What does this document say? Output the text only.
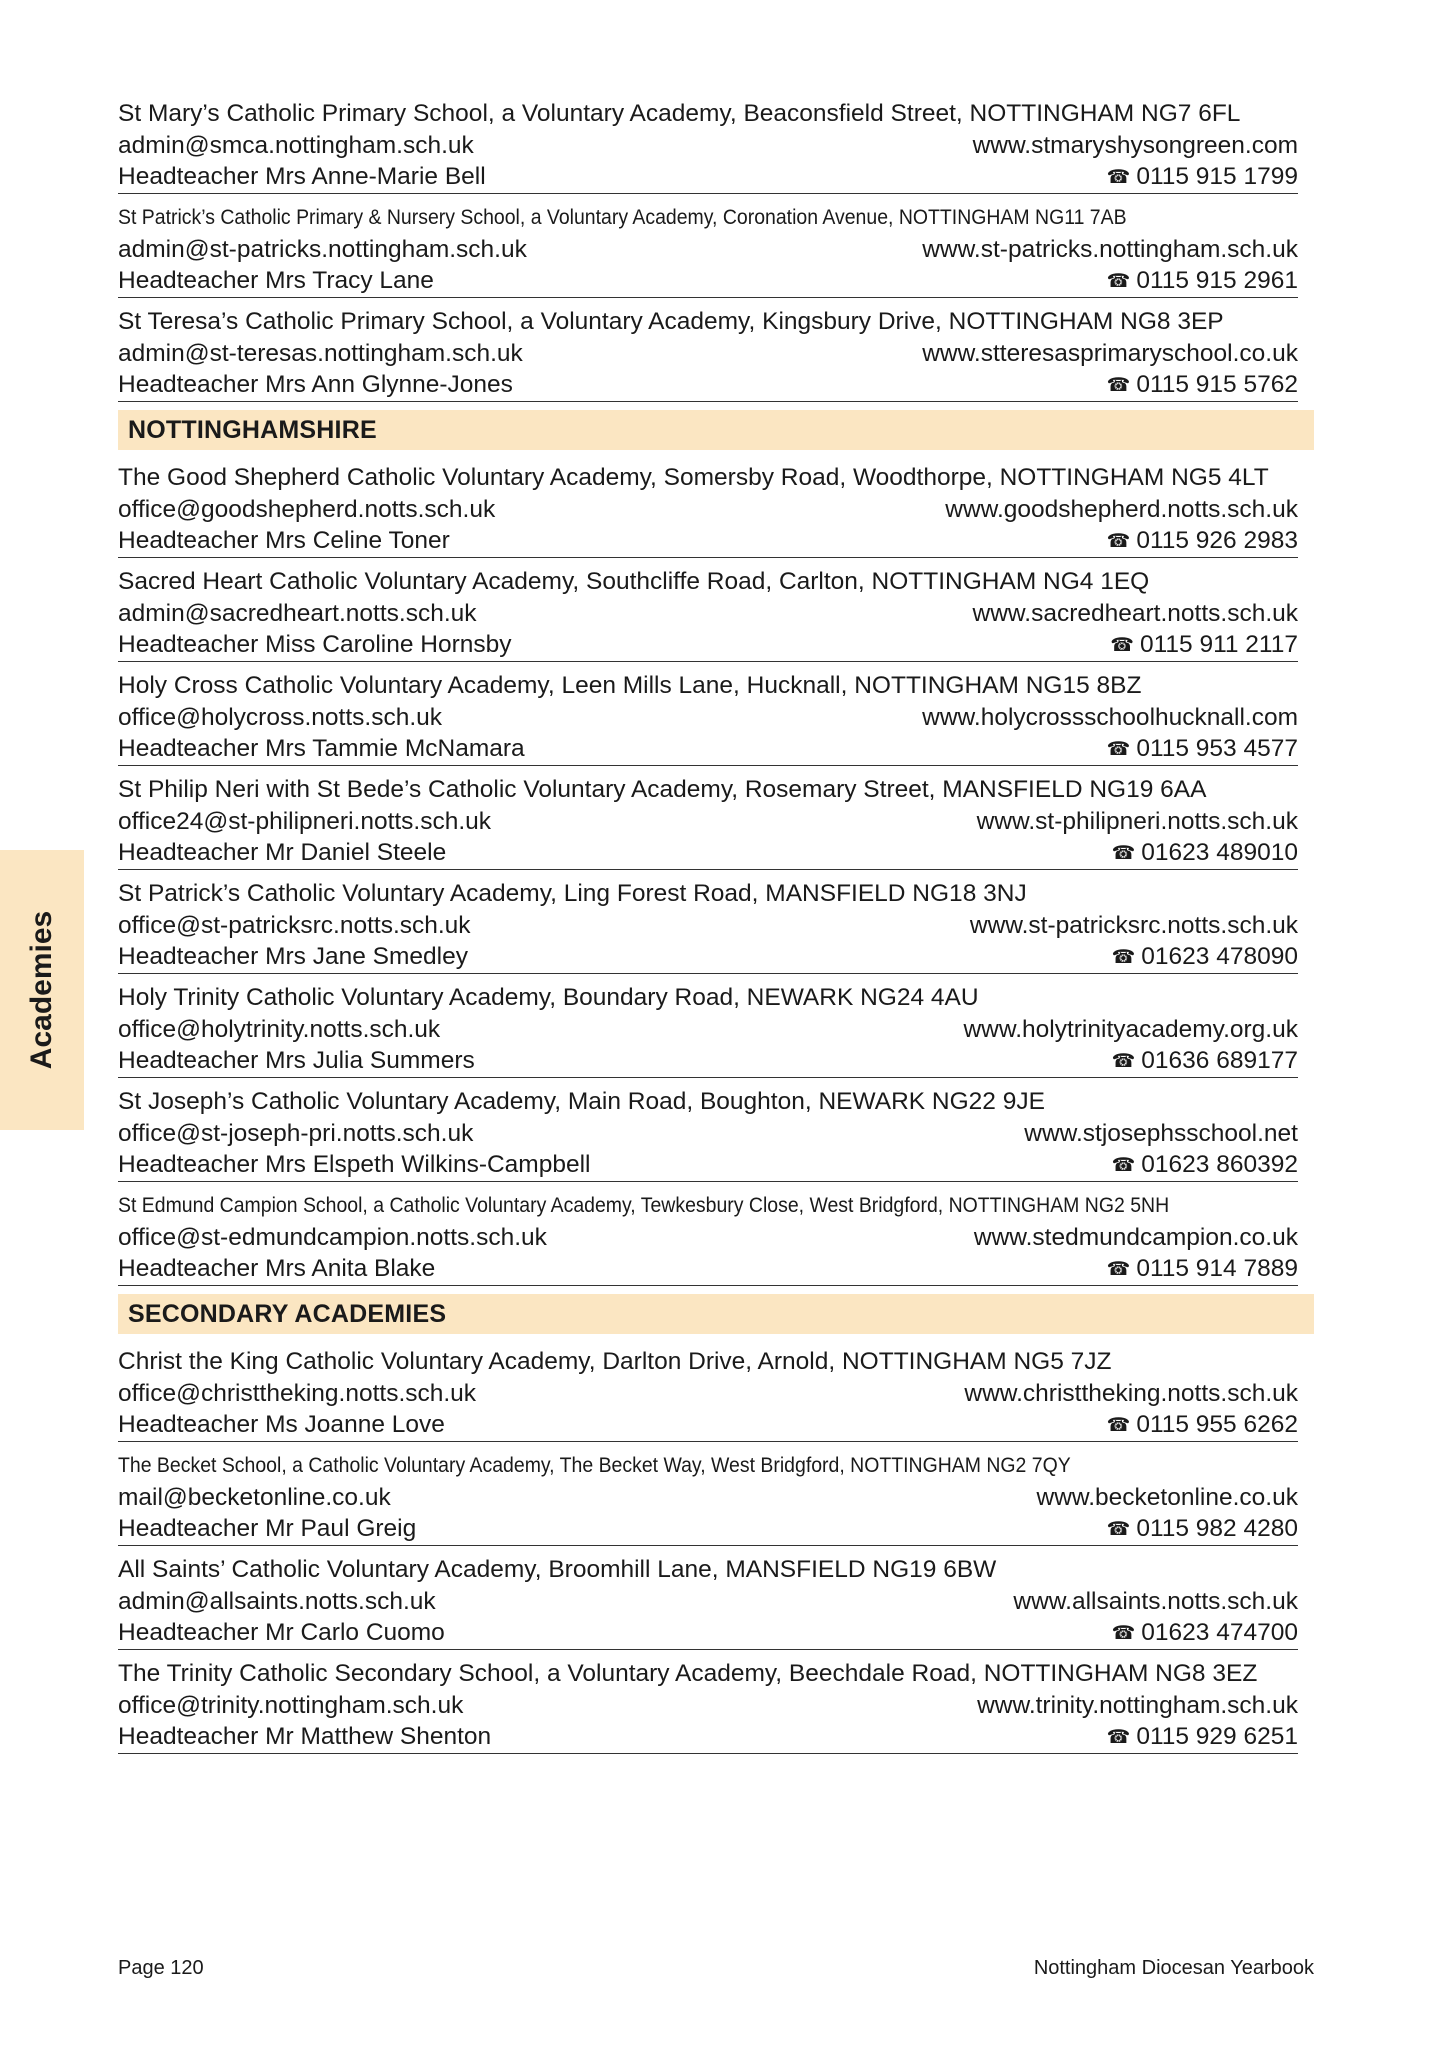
Academies
St Mary’s Catholic Primary School, a Voluntary Academy, Beaconsfield Street, NOTTINGHAM NG7 6FL
admin@smca.nottingham.sch.uk	www.stmaryshysongreen.com
Headteacher Mrs Anne-Marie Bell	☎ 0115 915 1799
St Patrick’s Catholic Primary & Nursery School, a Voluntary Academy, Coronation Avenue, NOTTINGHAM NG11 7AB
admin@st-patricks.nottingham.sch.uk	www.st-patricks.nottingham.sch.uk
Headteacher Mrs Tracy Lane	☎ 0115 915 2961
St Teresa’s Catholic Primary School, a Voluntary Academy, Kingsbury Drive, NOTTINGHAM NG8 3EP
admin@st-teresas.nottingham.sch.uk	www.stteresasprimaryschool.co.uk
Headteacher Mrs Ann Glynne-Jones	☎ 0115 915 5762
NOTTINGHAMSHIRE
The Good Shepherd Catholic Voluntary Academy, Somersby Road, Woodthorpe, NOTTINGHAM NG5 4LT
office@goodshepherd.notts.sch.uk	www.goodshepherd.notts.sch.uk
Headteacher Mrs Celine Toner	☎ 0115 926 2983
Sacred Heart Catholic Voluntary Academy, Southcliffe Road, Carlton, NOTTINGHAM NG4 1EQ
admin@sacredheart.notts.sch.uk	www.sacredheart.notts.sch.uk
Headteacher Miss Caroline Hornsby	☎ 0115 911 2117
Holy Cross Catholic Voluntary Academy, Leen Mills Lane, Hucknall, NOTTINGHAM NG15 8BZ
office@holycross.notts.sch.uk	www.holycrossschoolhucknall.com
Headteacher Mrs Tammie McNamara	☎ 0115 953 4577
St Philip Neri with St Bede’s Catholic Voluntary Academy, Rosemary Street, MANSFIELD NG19 6AA
office24@st-philipneri.notts.sch.uk	www.st-philipneri.notts.sch.uk
Headteacher Mr Daniel Steele	☎ 01623 489010
St Patrick’s Catholic Voluntary Academy, Ling Forest Road, MANSFIELD NG18 3NJ
office@st-patricksrc.notts.sch.uk	www.st-patricksrc.notts.sch.uk
Headteacher Mrs Jane Smedley	☎ 01623 478090
Holy Trinity Catholic Voluntary Academy, Boundary Road, NEWARK NG24 4AU
office@holytrinity.notts.sch.uk	www.holytrinityacademy.org.uk
Headteacher Mrs Julia Summers	☎ 01636 689177
St Joseph’s Catholic Voluntary Academy, Main Road, Boughton, NEWARK NG22 9JE
office@st-joseph-pri.notts.sch.uk	www.stjosephsschool.net
Headteacher Mrs Elspeth Wilkins-Campbell	☎ 01623 860392
St Edmund Campion School, a Catholic Voluntary Academy, Tewkesbury Close, West Bridgford, NOTTINGHAM NG2 5NH
office@st-edmundcampion.notts.sch.uk	www.stedmundcampion.co.uk
Headteacher Mrs Anita Blake	☎ 0115 914 7889
SECONDARY ACADEMIES
Christ the King Catholic Voluntary Academy, Darlton Drive, Arnold, NOTTINGHAM NG5 7JZ
office@christtheking.notts.sch.uk	www.christtheking.notts.sch.uk
Headteacher Ms Joanne Love	☎ 0115 955 6262
The Becket School, a Catholic Voluntary Academy, The Becket Way, West Bridgford, NOTTINGHAM NG2 7QY
mail@becketonline.co.uk	www.becketonline.co.uk
Headteacher Mr Paul Greig	☎ 0115 982 4280
All Saints’ Catholic Voluntary Academy, Broomhill Lane, MANSFIELD NG19 6BW
admin@allsaints.notts.sch.uk	www.allsaints.notts.sch.uk
Headteacher Mr Carlo Cuomo	☎ 01623 474700
The Trinity Catholic Secondary School, a Voluntary Academy, Beechdale Road, NOTTINGHAM NG8 3EZ
office@trinity.nottingham.sch.uk	www.trinity.nottingham.sch.uk
Headteacher Mr Matthew Shenton	☎ 0115 929 6251
Page 120	Nottingham Diocesan Yearbook
